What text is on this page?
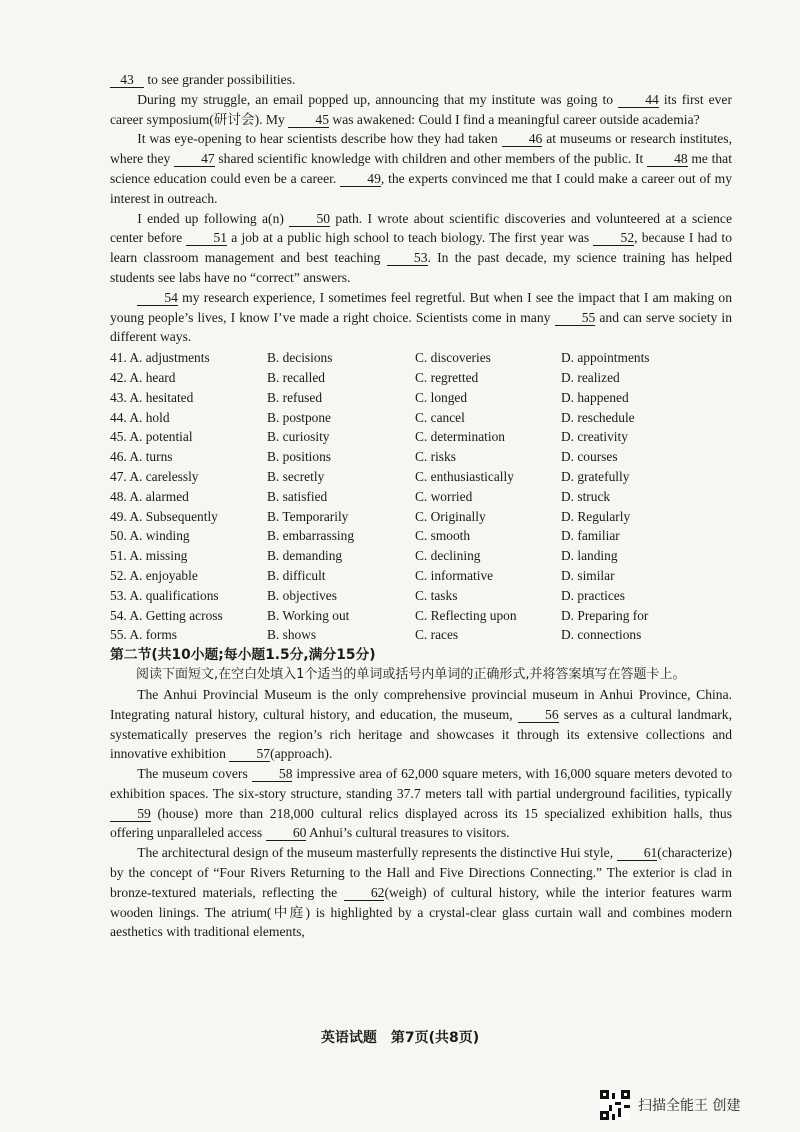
43 to see grander possibilities.

During my struggle, an email popped up, announcing that my institute was going to 44 its first ever career symposium(研讨会). My 45 was awakened: Could I find a meaningful career outside academia?

It was eye-opening to hear scientists describe how they had taken 46 at museums or research institutes, where they 47 shared scientific knowledge with children and other members of the public. It 48 me that science education could even be a career. 49, the experts convinced me that I could make a career out of my interest in outreach.

I ended up following a(n) 50 path. I wrote about scientific discoveries and volunteered at a science center before 51 a job at a public high school to teach biology. The first year was 52, because I had to learn classroom management and best teaching 53. In the past decade, my science training has helped students see labs have no “correct” answers.

54 my research experience, I sometimes feel regretful. But when I see the impact that I am making on young people’s lives, I know I’ve made a right choice. Scientists come in many 55 and can serve society in different ways.

41. A. adjustments	B. decisions	C. discoveries	D. appointments
42. A. heard	B. recalled	C. regretted	D. realized
43. A. hesitated	B. refused	C. longed	D. happened
44. A. hold	B. postpone	C. cancel	D. reschedule
45. A. potential	B. curiosity	C. determination	D. creativity
46. A. turns	B. positions	C. risks	D. courses
47. A. carelessly	B. secretly	C. enthusiastically	D. gratefully
48. A. alarmed	B. satisfied	C. worried	D. struck
49. A. Subsequently	B. Temporarily	C. Originally	D. Regularly
50. A. winding	B. embarrassing	C. smooth	D. familiar
51. A. missing	B. demanding	C. declining	D. landing
52. A. enjoyable	B. difficult	C. informative	D. similar
53. A. qualifications	B. objectives	C. tasks	D. practices
54. A. Getting across	B. Working out	C. Reflecting upon	D. Preparing for
55. A. forms	B. shows	C. races	D. connections
第二节(共10小题;每小题1.5分,满分15分)

阅读下面短文,在空白处填入1个适当的单词或括号内单词的正确形式,并将答案填写在答题卡上。

The Anhui Provincial Museum is the only comprehensive provincial museum in Anhui Province, China. Integrating natural history, cultural history, and education, the museum, 56 serves as a cultural landmark, systematically preserves the region’s rich heritage and showcases it through its extensive collections and innovative exhibition 57(approach).

The museum covers 58 impressive area of 62,000 square meters, with 16,000 square meters devoted to exhibition spaces. The six-story structure, standing 37.7 meters tall with partial underground facilities, typically 59 (house) more than 218,000 cultural relics displayed across its 15 specialized exhibition halls, thus offering unparalleled access 60 Anhui’s cultural treasures to visitors.

The architectural design of the museum masterfully represents the distinctive Hui style, 61(characterize) by the concept of “Four Rivers Returning to the Hall and Five Directions Connecting.” The exterior is clad in bronze-textured materials, reflecting the 62(weigh) of cultural history, while the interior features warm wooden linings. The atrium(中庭) is highlighted by a crystal-clear glass curtain wall and combines modern aesthetics with traditional elements,

英语试题　第7页(共8页)
扫描全能王 创建
